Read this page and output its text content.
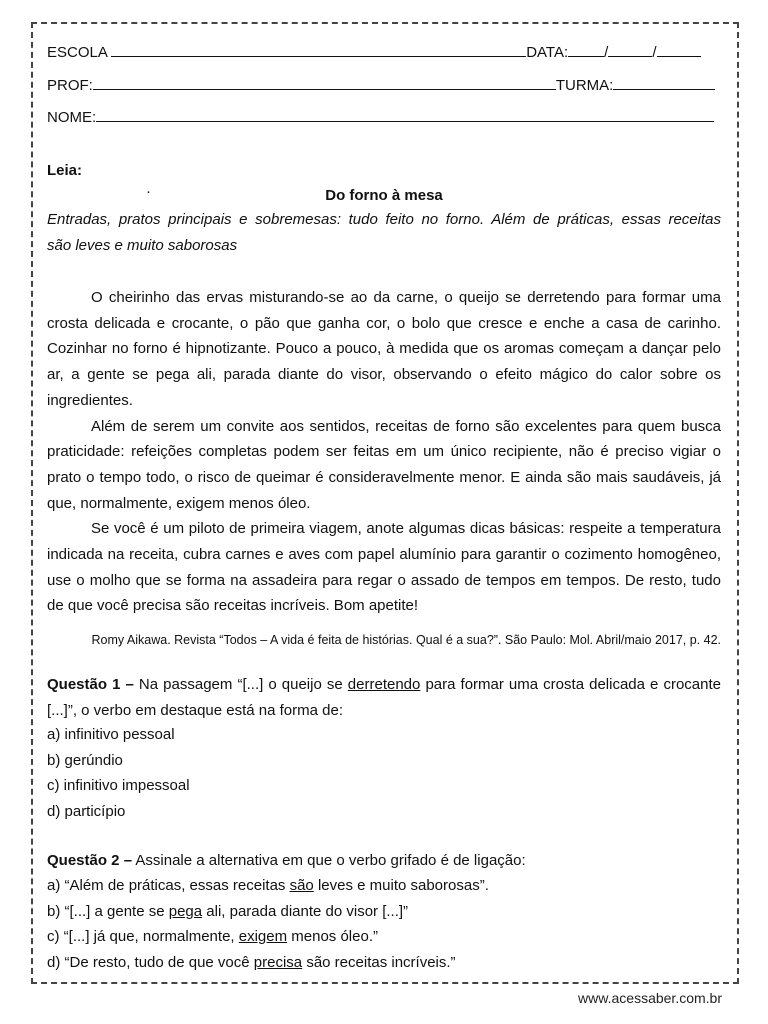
ESCOLA	DATA: /	/
PROF:	TURMA:
NOME:
Leia:
·	Do forno à mesa
Entradas, pratos principais e sobremesas: tudo feito no forno. Além de práticas, essas receitas
são leves e muito saborosas

O cheirinho das ervas misturando-se ao da carne, o queijo se derretendo para formar uma crosta delicada e crocante, o pão que ganha cor, o bolo que cresce e enche a casa de carinho. Cozinhar no forno é hipnotizante. Pouco a pouco, à medida que os aromas começam a dançar pelo ar, a gente se pega ali, parada diante do visor, observando o efeito mágico do calor sobre os ingredientes.

Além de serem um convite aos sentidos, receitas de forno são excelentes para quem busca praticidade: refeições completas podem ser feitas em um único recipiente, não é preciso vigiar o prato o tempo todo, o risco de queimar é consideravelmente menor. E ainda são mais saudáveis, já que, normalmente, exigem menos óleo.

Se você é um piloto de primeira viagem, anote algumas dicas básicas: respeite a temperatura indicada na receita, cubra carnes e aves com papel alumínio para garantir o cozimento homogêneo, use o molho que se forma na assadeira para regar o assado de tempos em tempos. De resto, tudo de que você precisa são receitas incríveis. Bom apetite!

Romy Aikawa. Revista “Todos – A vida é feita de histórias. Qual é a sua?”. São Paulo: Mol. Abril/maio 2017, p. 42.
Questão 1 – Na passagem “[...] o queijo se derretendo para formar uma crosta delicada e crocante [...]”, o verbo em destaque está na forma de:
a) infinitivo pessoal
b) gerúndio
c) infinitivo impessoal
d) particípio
Questão 2 – Assinale a alternativa em que o verbo grifado é de ligação:
a) “Além de práticas, essas receitas são leves e muito saborosas”.
b) “[...] a gente se pega ali, parada diante do visor [...]”
c) “[...] já que, normalmente, exigem menos óleo.”
d) “De resto, tudo de que você precisa são receitas incríveis.”
www.acessaber.com.br
